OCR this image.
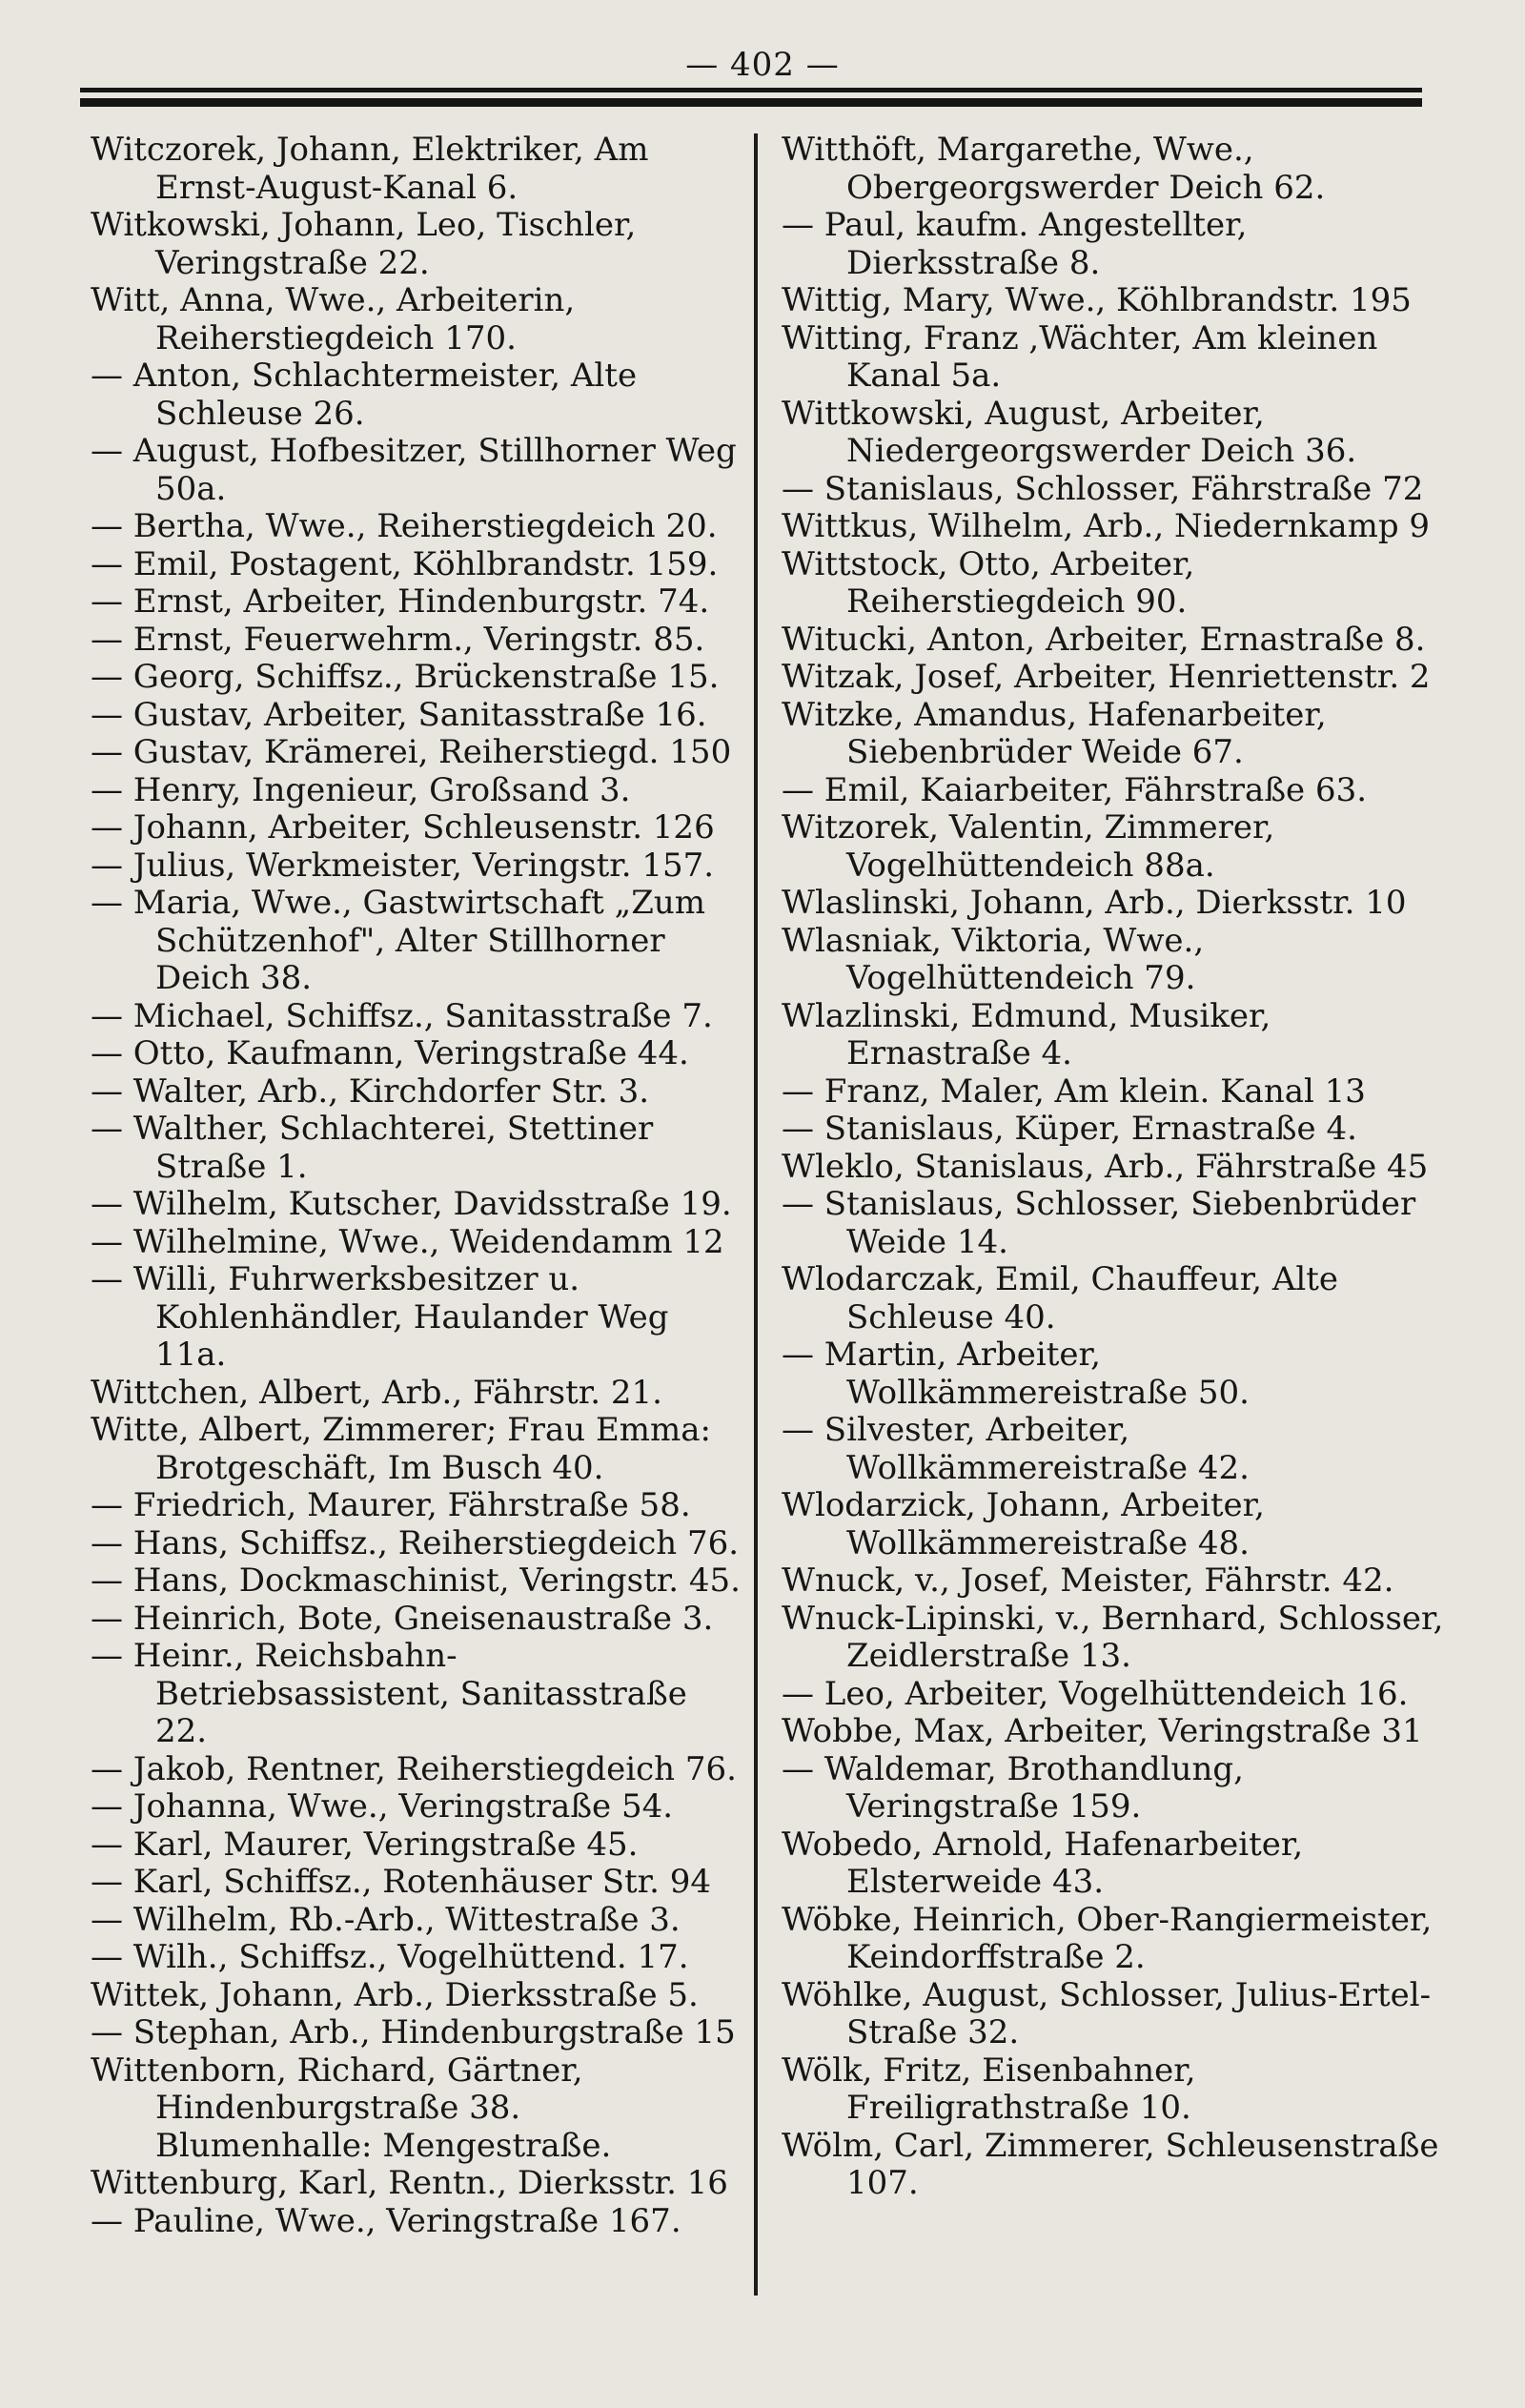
— 402 —

Witczorek, Johann, Elektriker, Am Ernst-August-Kanal 6.

Witkowski, Johann, Leo, Tischler, Veringstraße 22.

Witt, Anna, Wwe., Arbeiterin, Reiherstiegdeich 170.

— Anton, Schlachtermeister, Alte Schleuse 26.

— August, Hofbesitzer, Stillhorner Weg 50a.

— Bertha, Wwe., Reiherstiegdeich 20.

— Emil, Postagent, Köhlbrandstr. 159.

— Ernst, Arbeiter, Hindenburgstr. 74.

— Ernst, Feuerwehrm., Veringstr. 85.

— Georg, Schiffsz., Brückenstraße 15.

— Gustav, Arbeiter, Sanitasstraße 16.

— Gustav, Krämerei, Reiherstiegd. 150

— Henry, Ingenieur, Großsand 3.

— Johann, Arbeiter, Schleusenstr. 126

— Julius, Werkmeister, Veringstr. 157.

— Maria, Wwe., Gastwirtschaft „Zum Schützenhof", Alter Stillhorner Deich 38.

— Michael, Schiffsz., Sanitasstraße 7.

— Otto, Kaufmann, Veringstraße 44.

— Walter, Arb., Kirchdorfer Str. 3.

— Walther, Schlachterei, Stettiner Straße 1.

— Wilhelm, Kutscher, Davidsstraße 19.

— Wilhelmine, Wwe., Weidendamm 12

— Willi, Fuhrwerksbesitzer u. Kohlenhändler, Haulander Weg 11a.

Wittchen, Albert, Arb., Fährstr. 21.

Witte, Albert, Zimmerer; Frau Emma: Brotgeschäft, Im Busch 40.

— Friedrich, Maurer, Fährstraße 58.

— Hans, Schiffsz., Reiherstiegdeich 76.

— Hans, Dockmaschinist, Veringstr. 45.

— Heinrich, Bote, Gneisenaustraße 3.

— Heinr., Reichsbahn-Betriebsassistent, Sanitasstraße 22.

— Jakob, Rentner, Reiherstiegdeich 76.

— Johanna, Wwe., Veringstraße 54.

— Karl, Maurer, Veringstraße 45.

— Karl, Schiffsz., Rotenhäuser Str. 94

— Wilhelm, Rb.-Arb., Wittestraße 3.

— Wilh., Schiffsz., Vogelhüttend. 17.

Wittek, Johann, Arb., Dierksstraße 5.

— Stephan, Arb., Hindenburgstraße 15

Wittenborn, Richard, Gärtner, Hindenburgstraße 38.

Blumenhalle: Mengestraße.

Wittenburg, Karl, Rentn., Dierksstr. 16

— Pauline, Wwe., Veringstraße 167.

Witthöft, Margarethe, Wwe., Obergeorgswerder Deich 62.

— Paul, kaufm. Angestellter, Dierksstraße 8.

Wittig, Mary, Wwe., Köhlbrandstr. 195

Witting, Franz ,Wächter, Am kleinen Kanal 5a.

Wittkowski, August, Arbeiter, Niedergeorgswerder Deich 36.

— Stanislaus, Schlosser, Fährstraße 72

Wittkus, Wilhelm, Arb., Niedernkamp 9

Wittstock, Otto, Arbeiter, Reiherstiegdeich 90.

Witucki, Anton, Arbeiter, Ernastraße 8.

Witzak, Josef, Arbeiter, Henriettenstr. 2

Witzke, Amandus, Hafenarbeiter, Siebenbrüder Weide 67.

— Emil, Kaiarbeiter, Fährstraße 63.

Witzorek, Valentin, Zimmerer, Vogelhüttendeich 88a.

Wlaslinski, Johann, Arb., Dierksstr. 10

Wlasniak, Viktoria, Wwe., Vogelhüttendeich 79.

Wlazlinski, Edmund, Musiker, Ernastraße 4.

— Franz, Maler, Am klein. Kanal 13

— Stanislaus, Küper, Ernastraße 4.

Wleklo, Stanislaus, Arb., Fährstraße 45

— Stanislaus, Schlosser, Siebenbrüder Weide 14.

Wlodarczak, Emil, Chauffeur, Alte Schleuse 40.

— Martin, Arbeiter, Wollkämmereistraße 50.

— Silvester, Arbeiter, Wollkämmereistraße 42.

Wlodarzick, Johann, Arbeiter, Wollkämmereistraße 48.

Wnuck, v., Josef, Meister, Fährstr. 42.

Wnuck-Lipinski, v., Bernhard, Schlosser, Zeidlerstraße 13.

— Leo, Arbeiter, Vogelhüttendeich 16.

Wobbe, Max, Arbeiter, Veringstraße 31

— Waldemar, Brothandlung, Veringstraße 159.

Wobedo, Arnold, Hafenarbeiter, Elsterweide 43.

Wöbke, Heinrich, Ober-Rangiermeister, Keindorffstraße 2.

Wöhlke, August, Schlosser, Julius-Ertel-Straße 32.

Wölk, Fritz, Eisenbahner, Freiligrathstraße 10.

Wölm, Carl, Zimmerer, Schleusenstraße 107.
